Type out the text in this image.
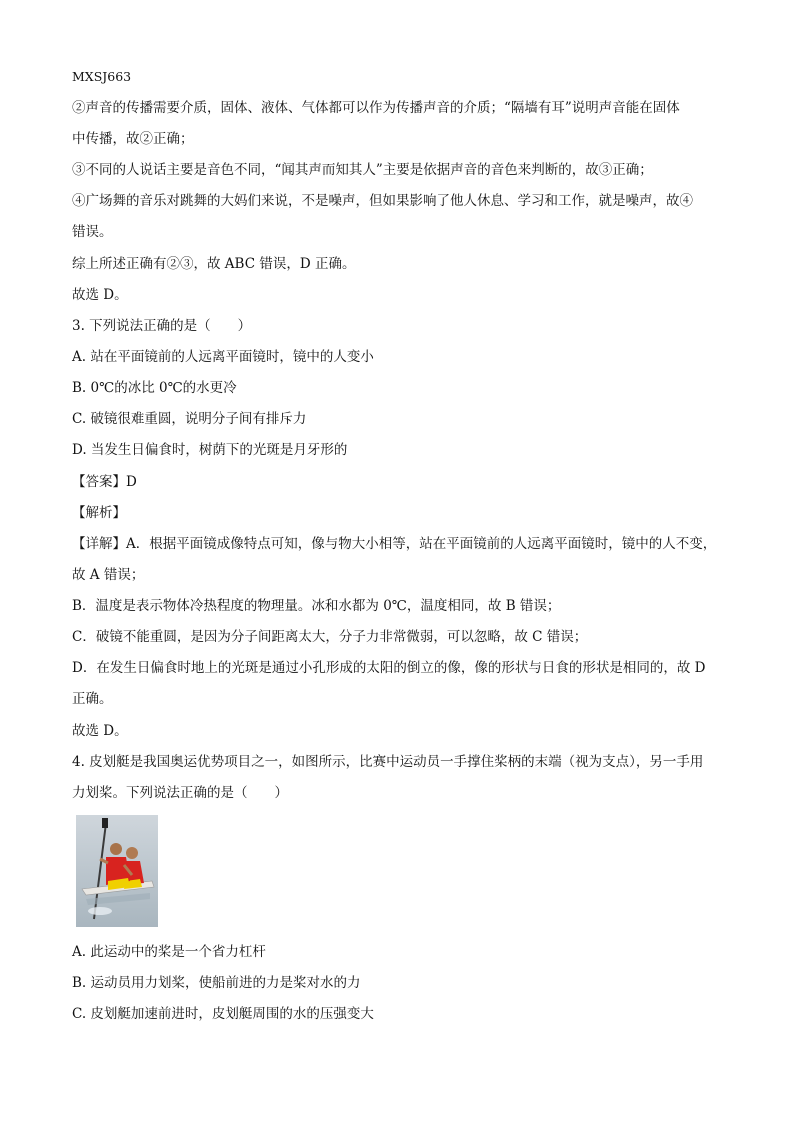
MXSJ663
②声音的传播需要介质，固体、液体、气体都可以作为传播声音的介质；“隔墙有耳”说明声音能在固体
中传播，故②正确；
③不同的人说话主要是音色不同，“闻其声而知其人”主要是依据声音的音色来判断的，故③正确；
④广场舞的音乐对跳舞的大妈们来说，不是噪声，但如果影响了他人休息、学习和工作，就是噪声，故④
错误。
综上所述正确有②③，故 ABC 错误，D 正确。
故选 D。
3. 下列说法正确的是（　　）
A. 站在平面镜前的人远离平面镜时，镜中的人变小
B. 0℃的冰比 0℃的水更冷
C. 破镜很难重圆，说明分子间有排斥力
D. 当发生日偏食时，树荫下的光斑是月牙形的
【答案】D
【解析】
【详解】A．根据平面镜成像特点可知，像与物大小相等，站在平面镜前的人远离平面镜时，镜中的人不变，
故 A 错误；
B．温度是表示物体冷热程度的物理量。冰和水都为 0℃，温度相同，故 B 错误；
C．破镜不能重圆，是因为分子间距离太大，分子力非常微弱，可以忽略，故 C 错误；
D．在发生日偏食时地上的光斑是通过小孔形成的太阳的倒立的像，像的形状与日食的形状是相同的，故 D
正确。
故选 D。
4. 皮划艇是我国奥运优势项目之一，如图所示，比赛中运动员一手撑住桨柄的末端（视为支点），另一手用
力划桨。下列说法正确的是（　　）
A. 此运动中的桨是一个省力杠杆
B. 运动员用力划桨，使船前进的力是桨对水的力
C. 皮划艇加速前进时，皮划艇周围的水的压强变大
